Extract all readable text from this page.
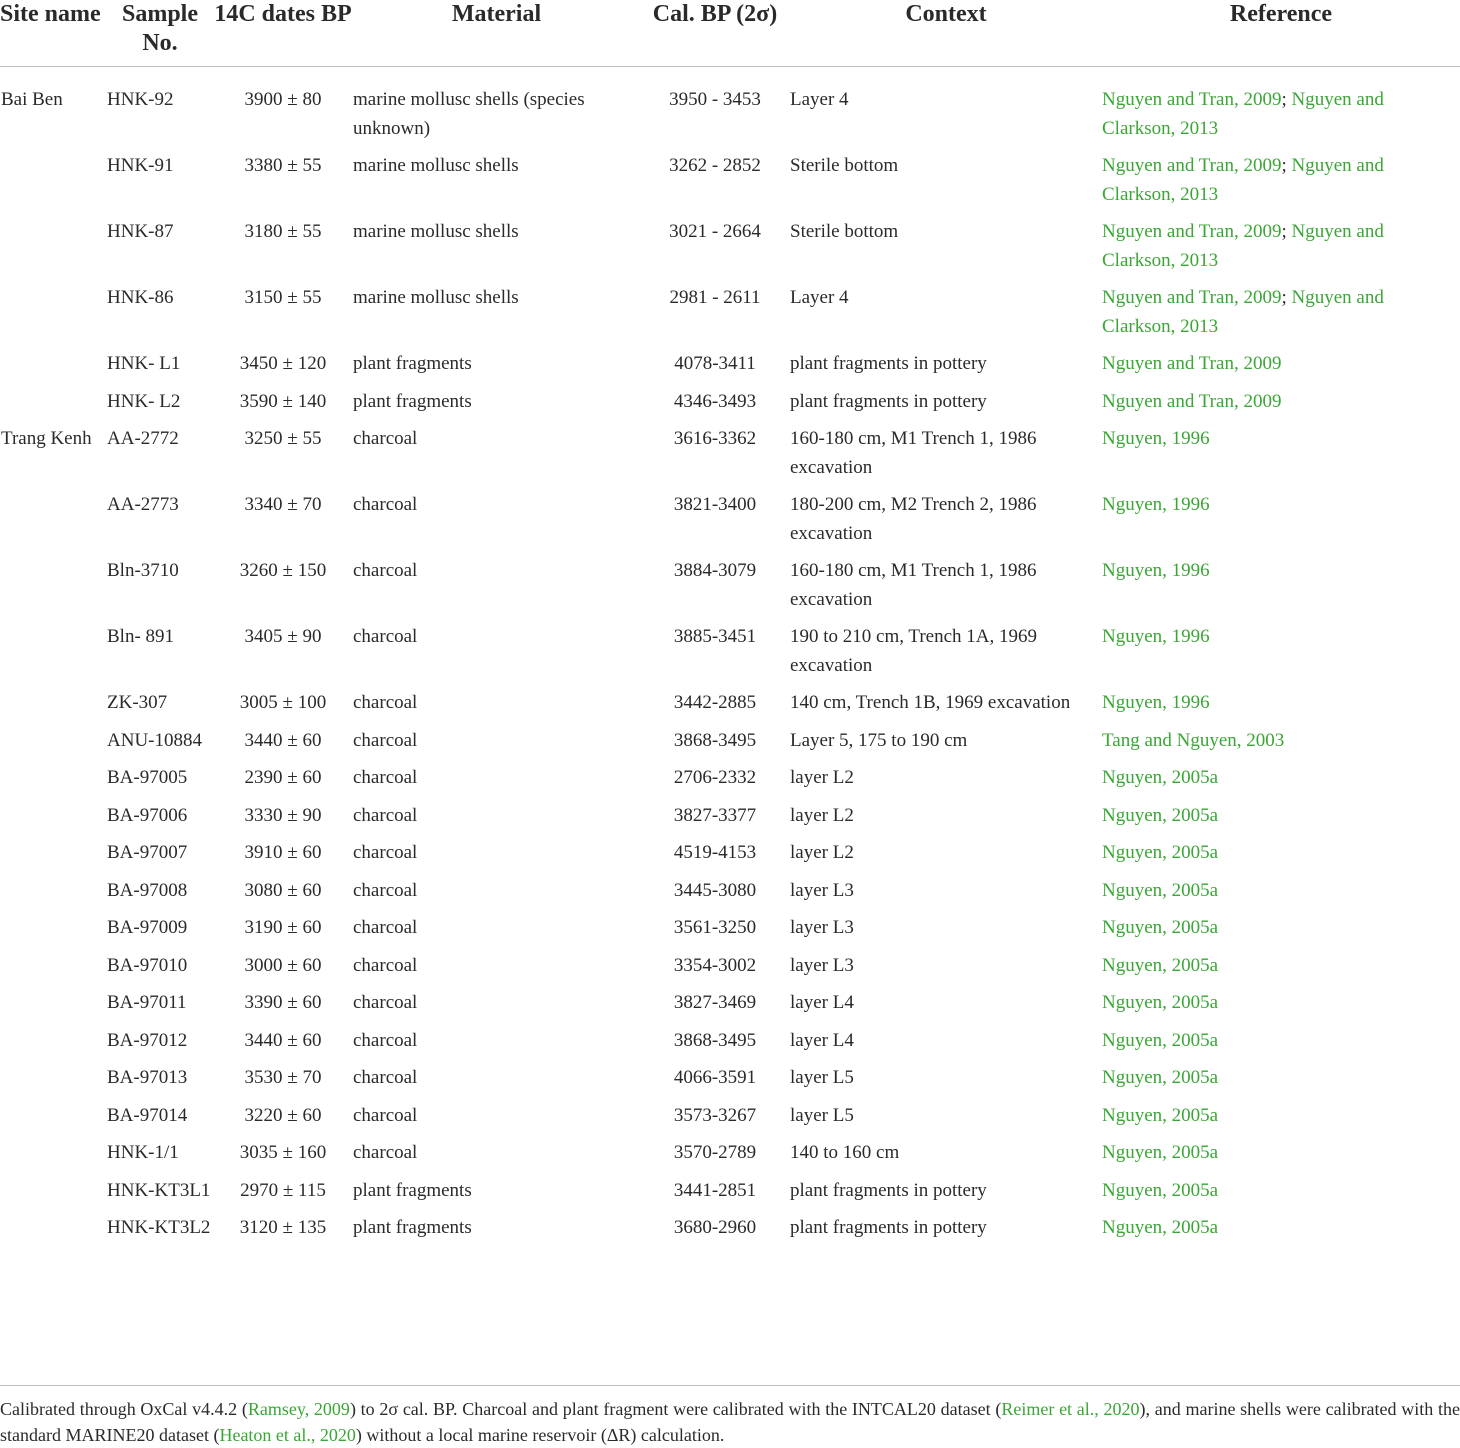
Site name	Sample No.	14C dates BP	Material	Cal. BP (2σ)	Context	Reference
Bai Ben	HNK-92	3900 ± 80	marine mollusc shells (species unknown)	3950 - 3453	Layer 4	Nguyen and Tran, 2009; Nguyen and Clarkson, 2013
	HNK-91	3380 ± 55	marine mollusc shells	3262 - 2852	Sterile bottom	Nguyen and Tran, 2009; Nguyen and Clarkson, 2013
	HNK-87	3180 ± 55	marine mollusc shells	3021 - 2664	Sterile bottom	Nguyen and Tran, 2009; Nguyen and Clarkson, 2013
	HNK-86	3150 ± 55	marine mollusc shells	2981 - 2611	Layer 4	Nguyen and Tran, 2009; Nguyen and Clarkson, 2013
	HNK- L1	3450 ± 120	plant fragments	4078-3411	plant fragments in pottery	Nguyen and Tran, 2009
	HNK- L2	3590 ± 140	plant fragments	4346-3493	plant fragments in pottery	Nguyen and Tran, 2009
Trang Kenh	AA-2772	3250 ± 55	charcoal	3616-3362	160-180 cm, M1 Trench 1, 1986 excavation	Nguyen, 1996
	AA-2773	3340 ± 70	charcoal	3821-3400	180-200 cm, M2 Trench 2, 1986 excavation	Nguyen, 1996
	Bln-3710	3260 ± 150	charcoal	3884-3079	160-180 cm, M1 Trench 1, 1986 excavation	Nguyen, 1996
	Bln- 891	3405 ± 90	charcoal	3885-3451	190 to 210 cm, Trench 1A, 1969 excavation	Nguyen, 1996
	ZK-307	3005 ± 100	charcoal	3442-2885	140 cm, Trench 1B, 1969 excavation	Nguyen, 1996
	ANU-10884	3440 ± 60	charcoal	3868-3495	Layer 5, 175 to 190 cm	Tang and Nguyen, 2003
	BA-97005	2390 ± 60	charcoal	2706-2332	layer L2	Nguyen, 2005a
	BA-97006	3330 ± 90	charcoal	3827-3377	layer L2	Nguyen, 2005a
	BA-97007	3910 ± 60	charcoal	4519-4153	layer L2	Nguyen, 2005a
	BA-97008	3080 ± 60	charcoal	3445-3080	layer L3	Nguyen, 2005a
	BA-97009	3190 ± 60	charcoal	3561-3250	layer L3	Nguyen, 2005a
	BA-97010	3000 ± 60	charcoal	3354-3002	layer L3	Nguyen, 2005a
	BA-97011	3390 ± 60	charcoal	3827-3469	layer L4	Nguyen, 2005a
	BA-97012	3440 ± 60	charcoal	3868-3495	layer L4	Nguyen, 2005a
	BA-97013	3530 ± 70	charcoal	4066-3591	layer L5	Nguyen, 2005a
	BA-97014	3220 ± 60	charcoal	3573-3267	layer L5	Nguyen, 2005a
	HNK-1/1	3035 ± 160	charcoal	3570-2789	140 to 160 cm	Nguyen, 2005a
	HNK-KT3L1	2970 ± 115	plant fragments	3441-2851	plant fragments in pottery	Nguyen, 2005a
	HNK-KT3L2	3120 ± 135	plant fragments	3680-2960	plant fragments in pottery	Nguyen, 2005a
Calibrated through OxCal v4.4.2 (Ramsey, 2009) to 2σ cal. BP. Charcoal and plant fragment were calibrated with the INTCAL20 dataset (Reimer et al., 2020), and marine shells were calibrated with the standard MARINE20 dataset (Heaton et al., 2020) without a local marine reservoir (ΔR) calculation.
